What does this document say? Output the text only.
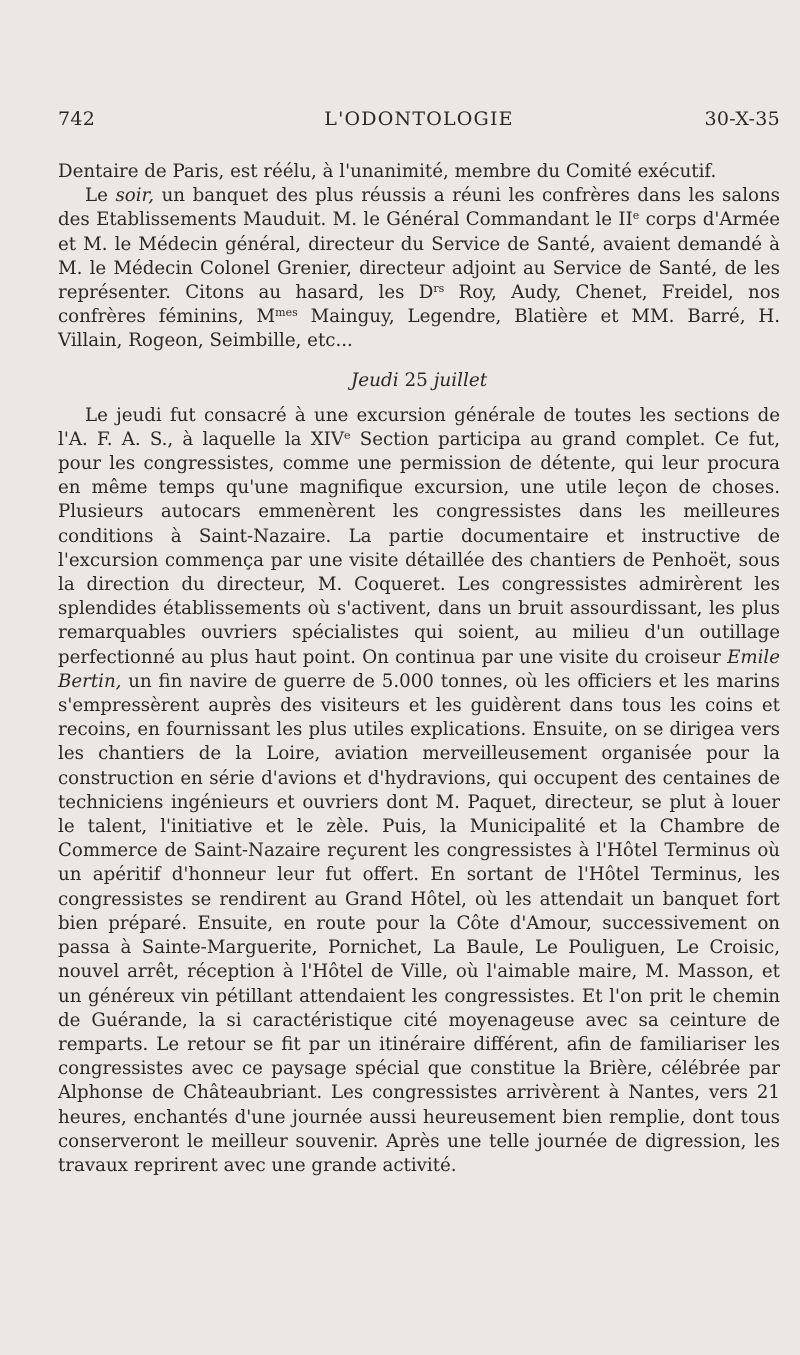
742	L'ODONTOLOGIE	30-X-35

Dentaire de Paris, est réélu, à l'unanimité, membre du Comité exécutif.

Le soir, un banquet des plus réussis a réuni les confrères dans les salons des Etablissements Mauduit. M. le Général Commandant le IIe corps d'Armée et M. le Médecin général, directeur du Service de Santé, avaient demandé à M. le Médecin Colonel Grenier, directeur adjoint au Service de Santé, de les représenter. Citons au hasard, les $D^{rs}$ Roy, Audy, Chenet, Freidel, nos confrères féminins, $M^{mes}$ Mainguy, Legendre, Blatière et MM. Barré, H. Villain, Rogeon, Seimbille, etc...

Jeudi 25 juillet

Le jeudi fut consacré à une excursion générale de toutes les sections de l'A. F. A. S., à laquelle la XIVe Section participa au grand complet. Ce fut, pour les congressistes, comme une permission de détente, qui leur procura en même temps qu'une magnifique excursion, une utile leçon de choses. Plusieurs autocars emmenèrent les congressistes dans les meilleures conditions à Saint-Nazaire. La partie documentaire et instructive de l'excursion commença par une visite détaillée des chantiers de Penhoët, sous la direction du directeur, M. Coqueret. Les congressistes admirèrent les splendides établissements où s'activent, dans un bruit assourdissant, les plus remarquables ouvriers spécialistes qui soient, au milieu d'un outillage perfectionné au plus haut point. On continua par une visite du croiseur Emile Bertin, un fin navire de guerre de 5.000 tonnes, où les officiers et les marins s'empressèrent auprès des visiteurs et les guidèrent dans tous les coins et recoins, en fournissant les plus utiles explications. Ensuite, on se dirigea vers les chantiers de la Loire, aviation merveilleusement organisée pour la construction en série d'avions et d'hydravions, qui occupent des centaines de techniciens ingénieurs et ouvriers dont M. Paquet, directeur, se plut à louer le talent, l'initiative et le zèle. Puis, la Municipalité et la Chambre de Commerce de Saint-Nazaire reçurent les congressistes à l'Hôtel Terminus où un apéritif d'honneur leur fut offert. En sortant de l'Hôtel Terminus, les congressistes se rendirent au Grand Hôtel, où les attendait un banquet fort bien préparé. Ensuite, en route pour la Côte d'Amour, successivement on passa à Sainte-Marguerite, Pornichet, La Baule, Le Pouliguen, Le Croisic, nouvel arrêt, réception à l'Hôtel de Ville, où l'aimable maire, M. Masson, et un généreux vin pétillant attendaient les congressistes. Et l'on prit le chemin de Guérande, la si caractéristique cité moyenageuse avec sa ceinture de remparts. Le retour se fit par un itinéraire différent, afin de familiariser les congressistes avec ce paysage spécial que constitue la Brière, célébrée par Alphonse de Châteaubriant. Les congressistes arrivèrent à Nantes, vers 21 heures, enchantés d'une journée aussi heureusement bien remplie, dont tous conserveront le meilleur souvenir. Après une telle journée de digression, les travaux reprirent avec une grande activité.
